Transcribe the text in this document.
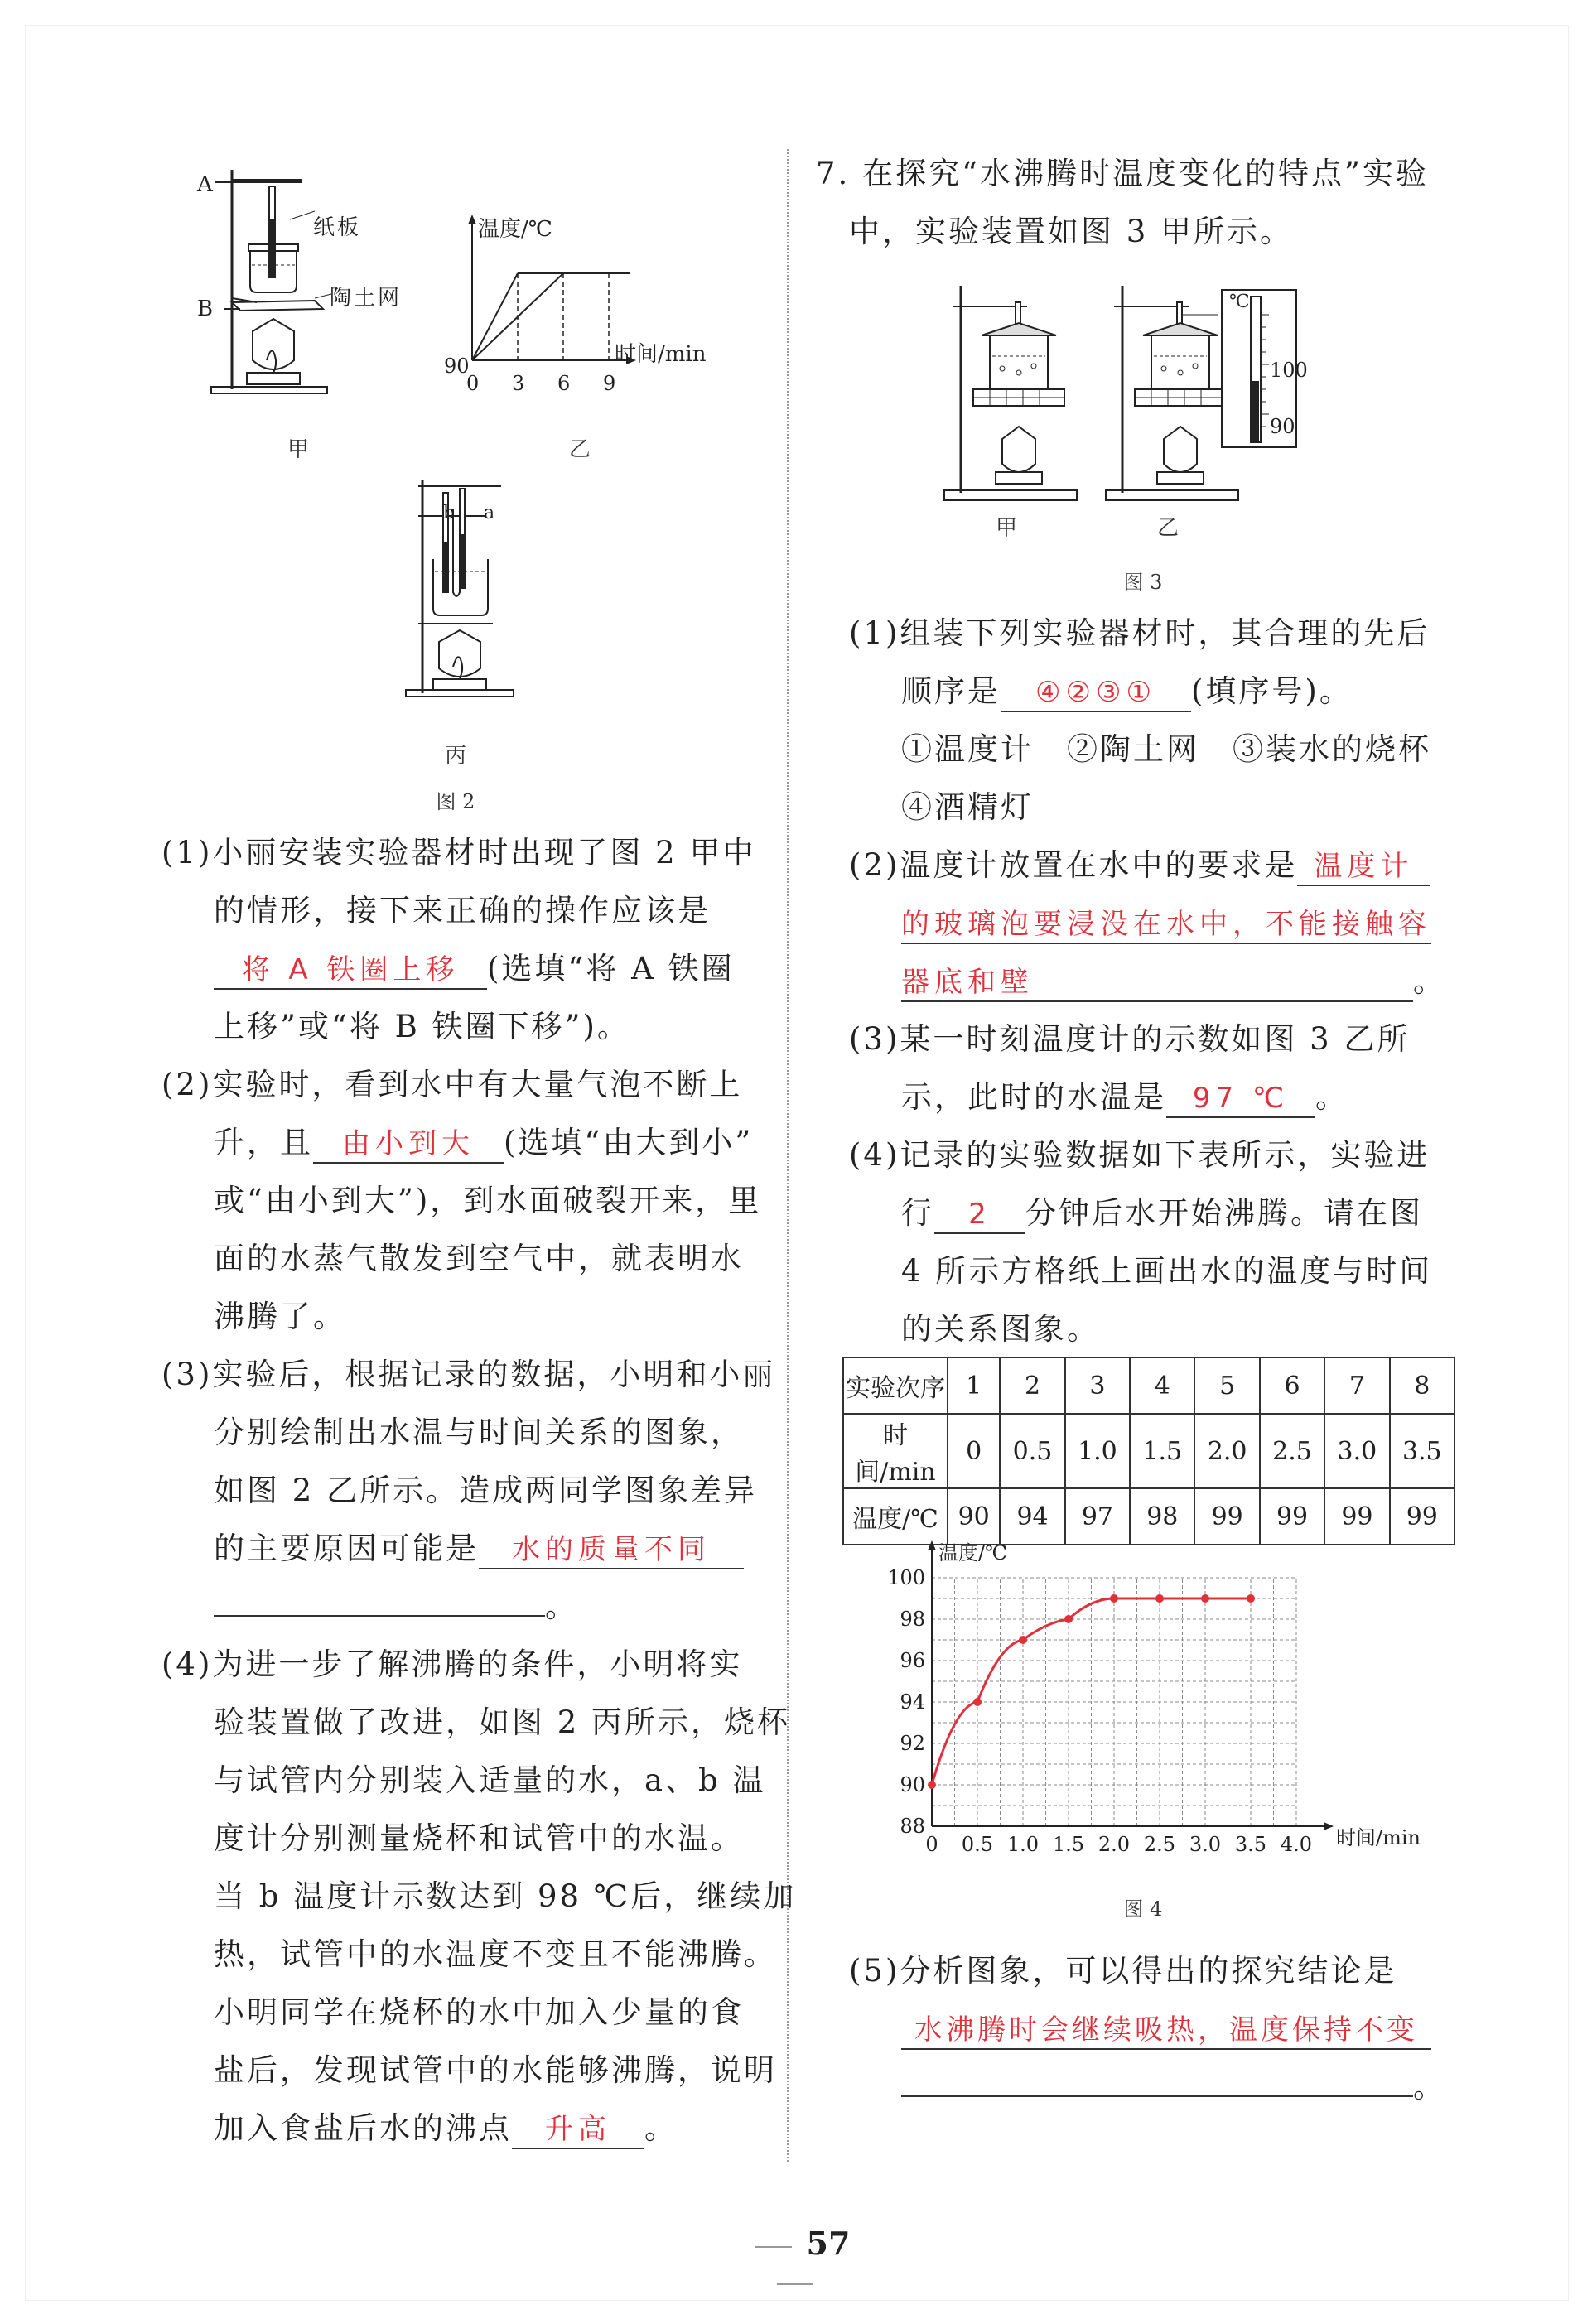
A
B
纸板
陶土网
甲
温度/℃
时间/min
90
0 3 6 9
乙
b a
丙
图 2
(1)小丽安装实验器材时出现了图 2 甲中
的情形，接下来正确的操作应该是
将 A 铁圈上移 (选填“将 A 铁圈
上移”或“将 B 铁圈下移”)。
(2)实验时，看到水中有大量气泡不断上
升，且 由小到大 (选填“由大到小”
或“由小到大”)，到水面破裂开来，里
面的水蒸气散发到空气中，就表明水
沸腾了。
(3)实验后，根据记录的数据，小明和小丽
分别绘制出水温与时间关系的图象，
如图 2 乙所示。造成两同学图象差异
的主要原因可能是 水的质量不同
。
(4)为进一步了解沸腾的条件，小明将实
验装置做了改进，如图 2 丙所示，烧杯
与试管内分别装入适量的水，a、b 温
度计分别测量烧杯和试管中的水温。
当 b 温度计示数达到 98 ℃后，继续加
热，试管中的水温度不变且不能沸腾。
小明同学在烧杯的水中加入少量的食
盐后，发现试管中的水能够沸腾，说明
加入食盐后水的沸点 升高 。
7. 在探究“水沸腾时温度变化的特点”实验
中，实验装置如图 3 甲所示。
℃
100
90
甲	乙
图 3
(1)组装下列实验器材时，其合理的先后
顺序是 ④②③① (填序号)。
①温度计　②陶土网　③装水的烧杯
④酒精灯
(2)温度计放置在水中的要求是 温度计
的玻璃泡要浸没在水中，不能接触容
器底和壁	。
(3)某一时刻温度计的示数如图 3 乙所
示，此时的水温是 97 ℃ 。
(4)记录的实验数据如下表所示，实验进
行 2 分钟后水开始沸腾。请在图
4 所示方格纸上画出水的温度与时间
的关系图象。
实验次序	1	2	3	4	5	6	7	8
时间/min	0	0.5	1.0	1.5	2.0	2.5	3.0	3.5
温度/℃	90	94	97	98	99	99	99	99
0 0.5 1.0 1.5 2.0 2.5 3.0 3.5 4.0
88
90
92
94
96
98
100
时间/min
温度/℃
图 4
(5)分析图象，可以得出的探究结论是
水沸腾时会继续吸热，温度保持不变
。
57
